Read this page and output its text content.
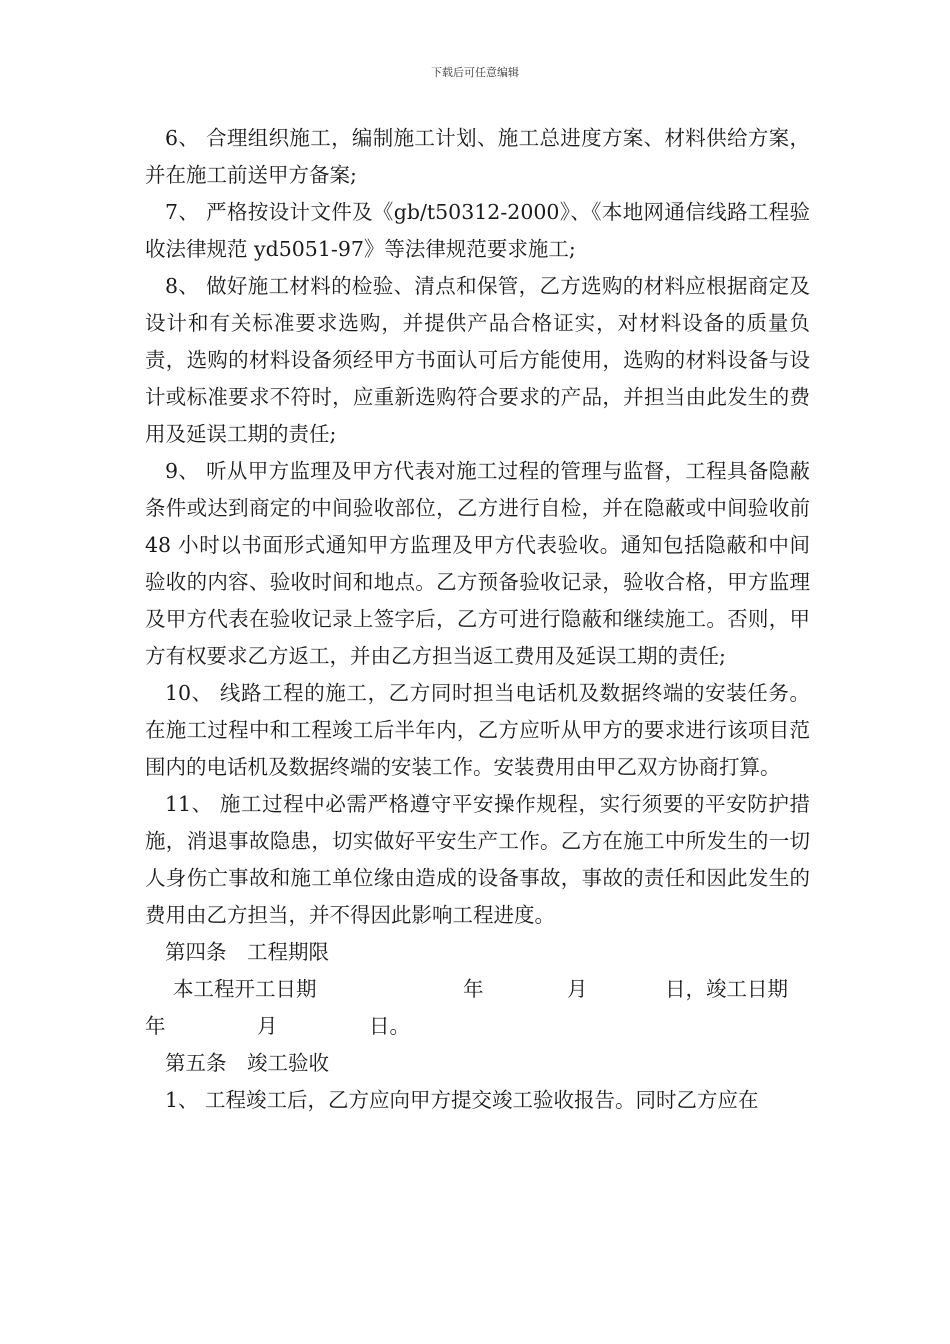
下载后可任意编辑

6、 合理组织施工，编制施工计划、施工总进度方案、材料供给方案，并在施工前送甲方备案;

7、 严格按设计文件及《gb/t50312-2000》、《本地网通信线路工程验收法律规范 yd5051-97》等法律规范要求施工;

8、 做好施工材料的检验、清点和保管，乙方选购的材料应根据商定及设计和有关标准要求选购，并提供产品合格证实，对材料设备的质量负责，选购的材料设备须经甲方书面认可后方能使用，选购的材料设备与设计或标准要求不符时，应重新选购符合要求的产品，并担当由此发生的费用及延误工期的责任;

9、 听从甲方监理及甲方代表对施工过程的管理与监督，工程具备隐蔽条件或达到商定的中间验收部位，乙方进行自检，并在隐蔽或中间验收前 48 小时以书面形式通知甲方监理及甲方代表验收。通知包括隐蔽和中间验收的内容、验收时间和地点。乙方预备验收记录，验收合格，甲方监理及甲方代表在验收记录上签字后，乙方可进行隐蔽和继续施工。否则，甲方有权要求乙方返工，并由乙方担当返工费用及延误工期的责任;

10、 线路工程的施工，乙方同时担当电话机及数据终端的安装任务。在施工过程中和工程竣工后半年内，乙方应听从甲方的要求进行该项目范围内的电话机及数据终端的安装工作。安装费用由甲乙双方协商打算。

11、 施工过程中必需严格遵守平安操作规程，实行须要的平安防护措施，消退事故隐患，切实做好平安生产工作。乙方在施工中所发生的一切人身伤亡事故和施工单位缘由造成的设备事故，事故的责任和因此发生的费用由乙方担当，并不得因此影响工程进度。

第四条　工程期限

本工程开工日期	年	月	日，竣工日期
年	月	日。

第五条　竣工验收

1、 工程竣工后，乙方应向甲方提交竣工验收报告。同时乙方应在
